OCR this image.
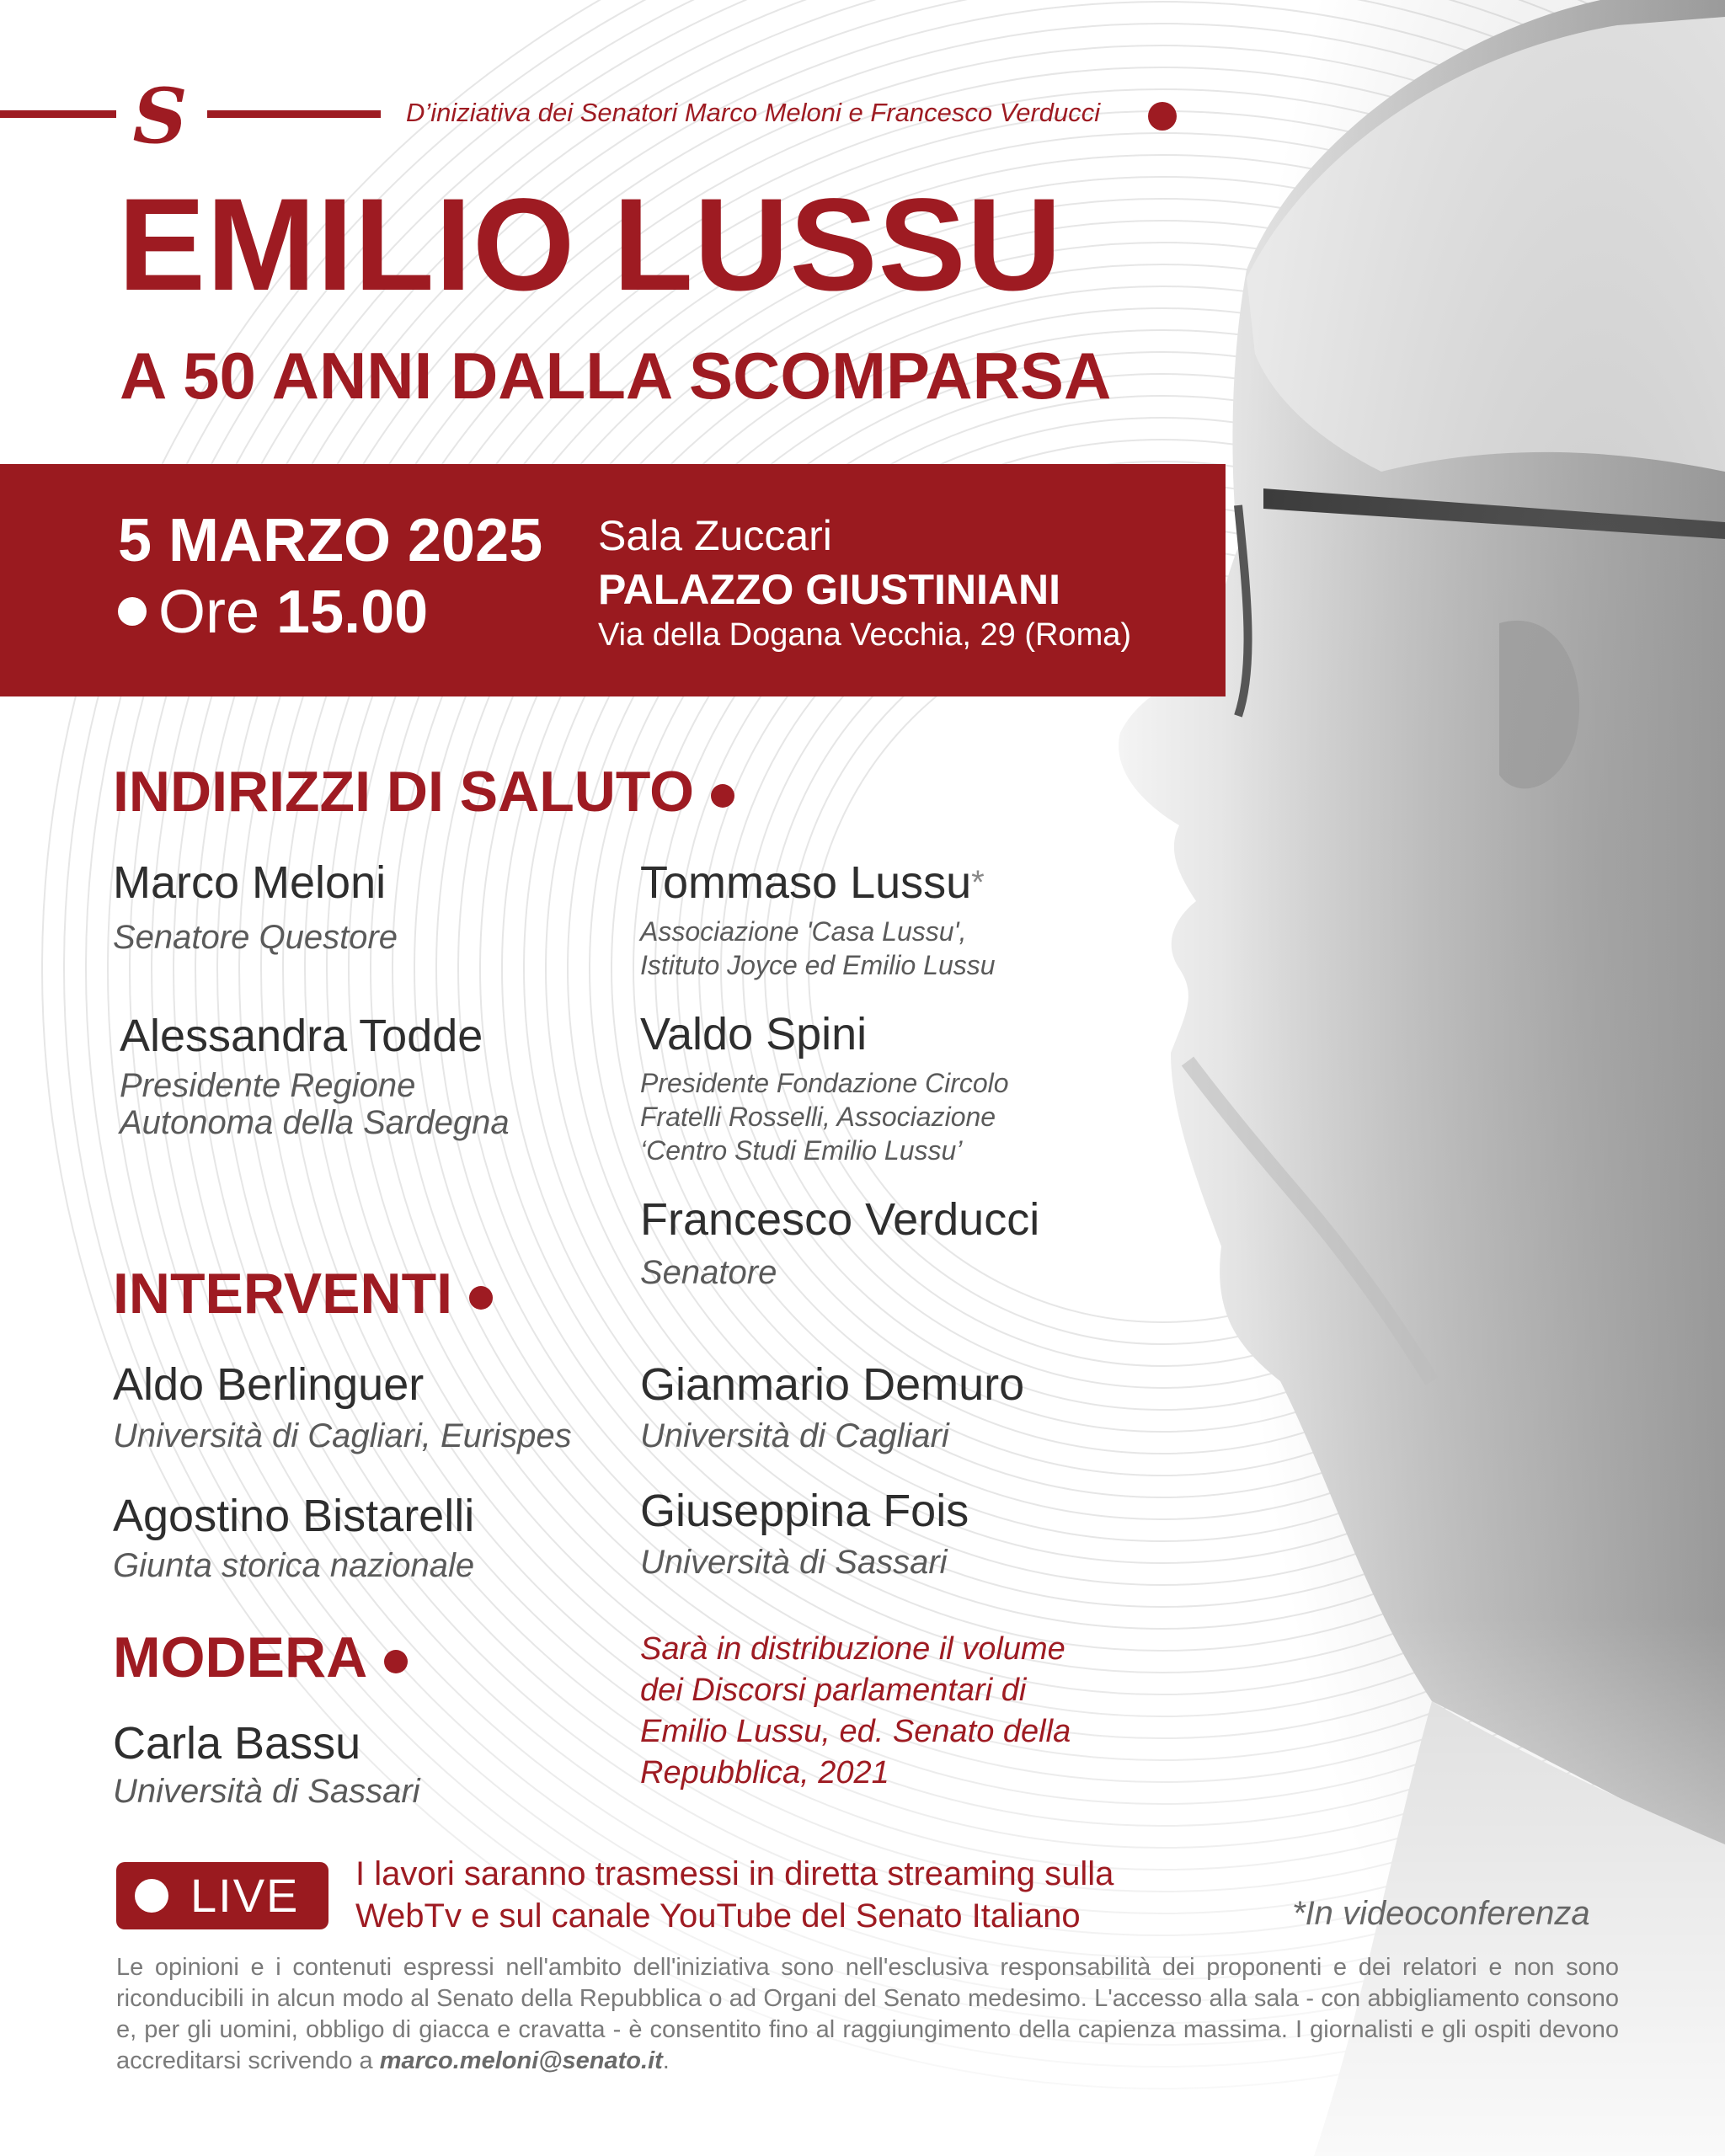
S	D’iniziativa dei Senatori Marco Meloni e Francesco Verducci
EMILIO LUSSU
A 50 ANNI DALLA SCOMPARSA
5 MARZO 2025
Ore 15.00
Sala Zuccari
PALAZZO GIUSTINIANI
Via della Dogana Vecchia, 29 (Roma)
INDIRIZZI DI SALUTO
Marco Meloni
Senatore Questore
Alessandra Todde
Presidente Regione
Autonoma della Sardegna
Tommaso Lussu*
Associazione 'Casa Lussu',
Istituto Joyce ed Emilio Lussu
Valdo Spini
Presidente Fondazione Circolo
Fratelli Rosselli, Associazione
‘Centro Studi Emilio Lussu’
Francesco Verducci
Senatore
INTERVENTI
Aldo Berlinguer
Università di Cagliari, Eurispes
Agostino Bistarelli
Giunta storica nazionale
Gianmario Demuro
Università di Cagliari
Giuseppina Fois
Università di Sassari
MODERA
Carla Bassu
Università di Sassari
Sarà in distribuzione il volume
dei Discorsi parlamentari di
Emilio Lussu, ed. Senato della
Repubblica, 2021
LIVE I lavori saranno trasmessi in diretta streaming sulla
WebTv e sul canale YouTube del Senato Italiano	*In videoconferenza
Le opinioni e i contenuti espressi nell'ambito dell'iniziativa sono nell'esclusiva responsabilità dei proponenti e dei relatori e non sono riconducibili in alcun modo al Senato della Repubblica o ad Organi del Senato medesimo. L'accesso alla sala - con abbigliamento consono e, per gli uomini, obbligo di giacca e cravatta - è consentito fino al raggiungimento della capienza massima. I giornalisti e gli ospiti devono accreditarsi scrivendo a marco.meloni@senato.it.
